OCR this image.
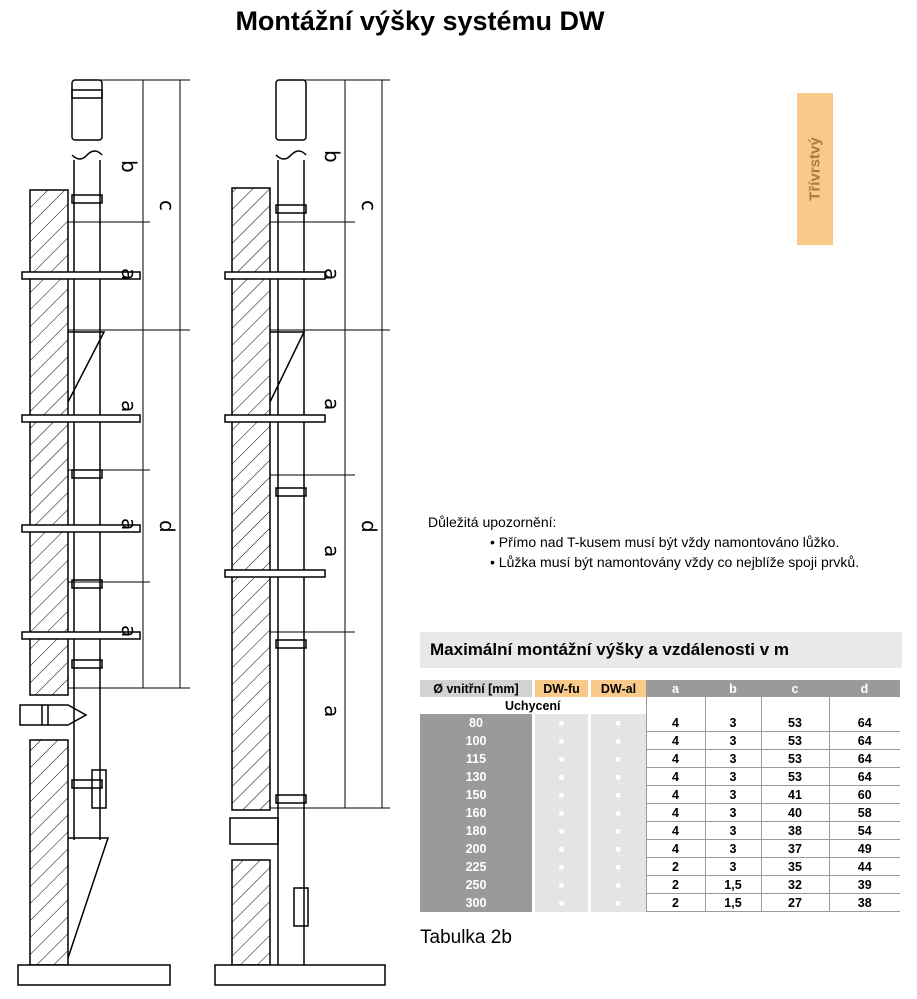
Montážní výšky systému DW
b
c
a
a
a d
a
b
c
a
a
d
a
a
Třívrstvý
Důležitá upozornění:
• Přímo nad T-kusem musí být vždy namontováno lůžko.
• Lůžka musí být namontovány vždy co nejblíže spoji prvků.
Maximální montážní výšky a vzdálenosti v m
Ø vnitřní [mm]		DW-fu		DW-al	a	b	c	d
Uchycení								
80		■		■	4	3	53	64
100		■		■	4	3	53	64
115		■		■	4	3	53	64
130		■		■	4	3	53	64
150		■		■	4	3	41	60
160		■		■	4	3	40	58
180		■		■	4	3	38	54
200		■		■	4	3	37	49
225		■		■	2	3	35	44
250		■		■	2	1,5	32	39
300		■		■	2	1,5	27	38
Tabulka 2b
